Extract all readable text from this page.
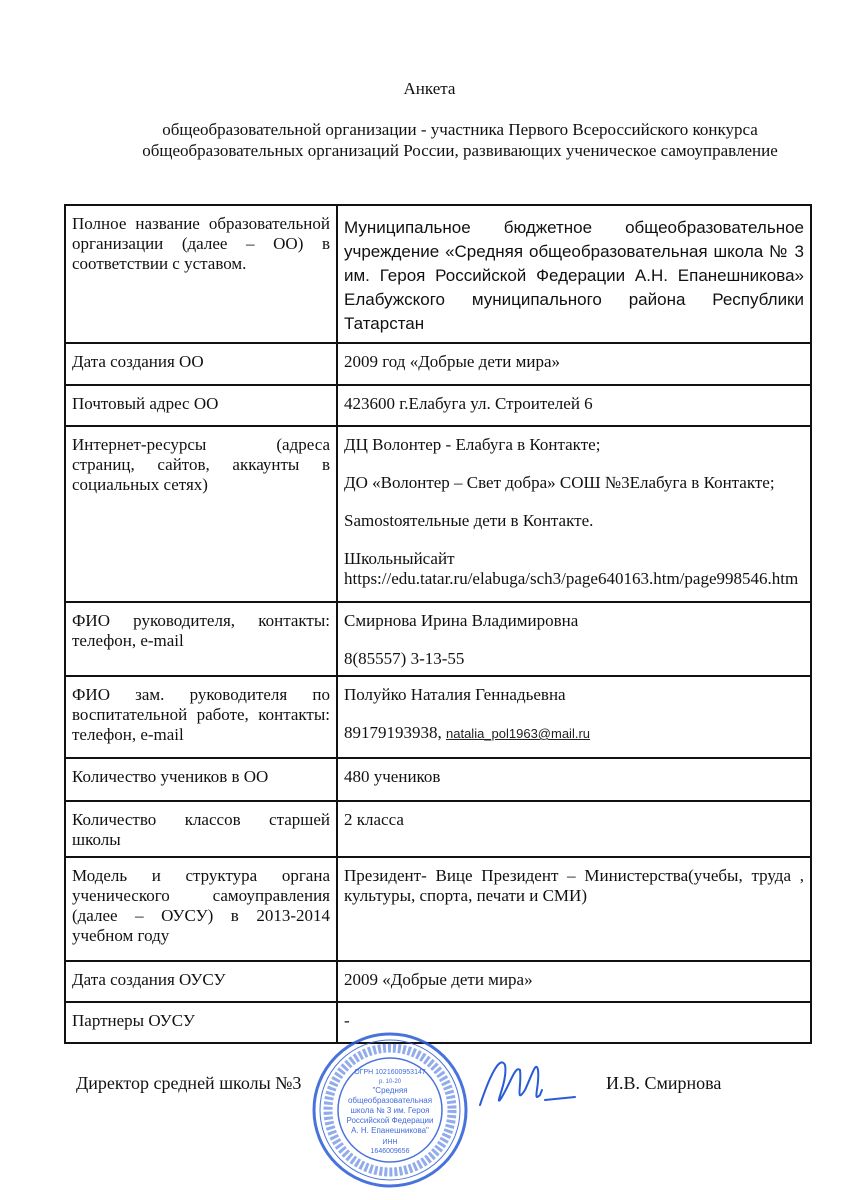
Анкета
общеобразовательной организации - участника Первого Всероссийского конкурса общеобразовательных организаций России, развивающих ученическое самоуправление
Полное название образовательной организации (далее – ОО) в соответствии с уставом.	Муниципальное бюджетное общеобразовательное учреждение «Средняя общеобразовательная школа № 3 им. Героя Российской Федерации А.Н. Епанешникова» Елабужского муниципального района Республики Татарстан
Дата создания ОО	2009 год «Добрые дети мира»
Почтовый адрес ОО	423600 г.Елабуга ул. Строителей 6
Интернет-ресурсы (адреса страниц, сайтов, аккаунты в социальных сетях)	ДЦ Волонтер - Елабуга в Контакте;

ДО «Волонтер – Свет добра» СОШ №3Елабуга в Контакте;

Samostоятельные дети в Контакте.

Школьныйсайт

https://edu.tatar.ru/elabuga/sch3/page640163.htm/page998546.htm

ФИО руководителя, контакты: телефон, e-mail	Смирнова Ирина Владимировна

8(85557) 3-13-55

ФИО зам. руководителя по воспитательной работе, контакты: телефон, e-mail	Полуйко Наталия Геннадьевна

89179193938, natalia_pol1963@mail.ru

Количество учеников в ОО	480 учеников
Количество классов старшей школы	2 класса
Модель и структура органа ученического самоуправления (далее – ОУСУ) в 2013-2014 учебном году	Президент- Вице Президент – Министерства(учебы, труда , культуры, спорта, печати и СМИ)
Дата создания ОУСУ	2009 «Добрые дети мира»
Партнеры ОУСУ	-
Директор средней школы №3	И.В. Смирнова
ОГРН 1021600953147
р. 10-20
"Средняя
общеобразовательная
школа № 3 им. Героя
Российской Федерации
А. Н. Епанешникова"
ИНН
1646009656
